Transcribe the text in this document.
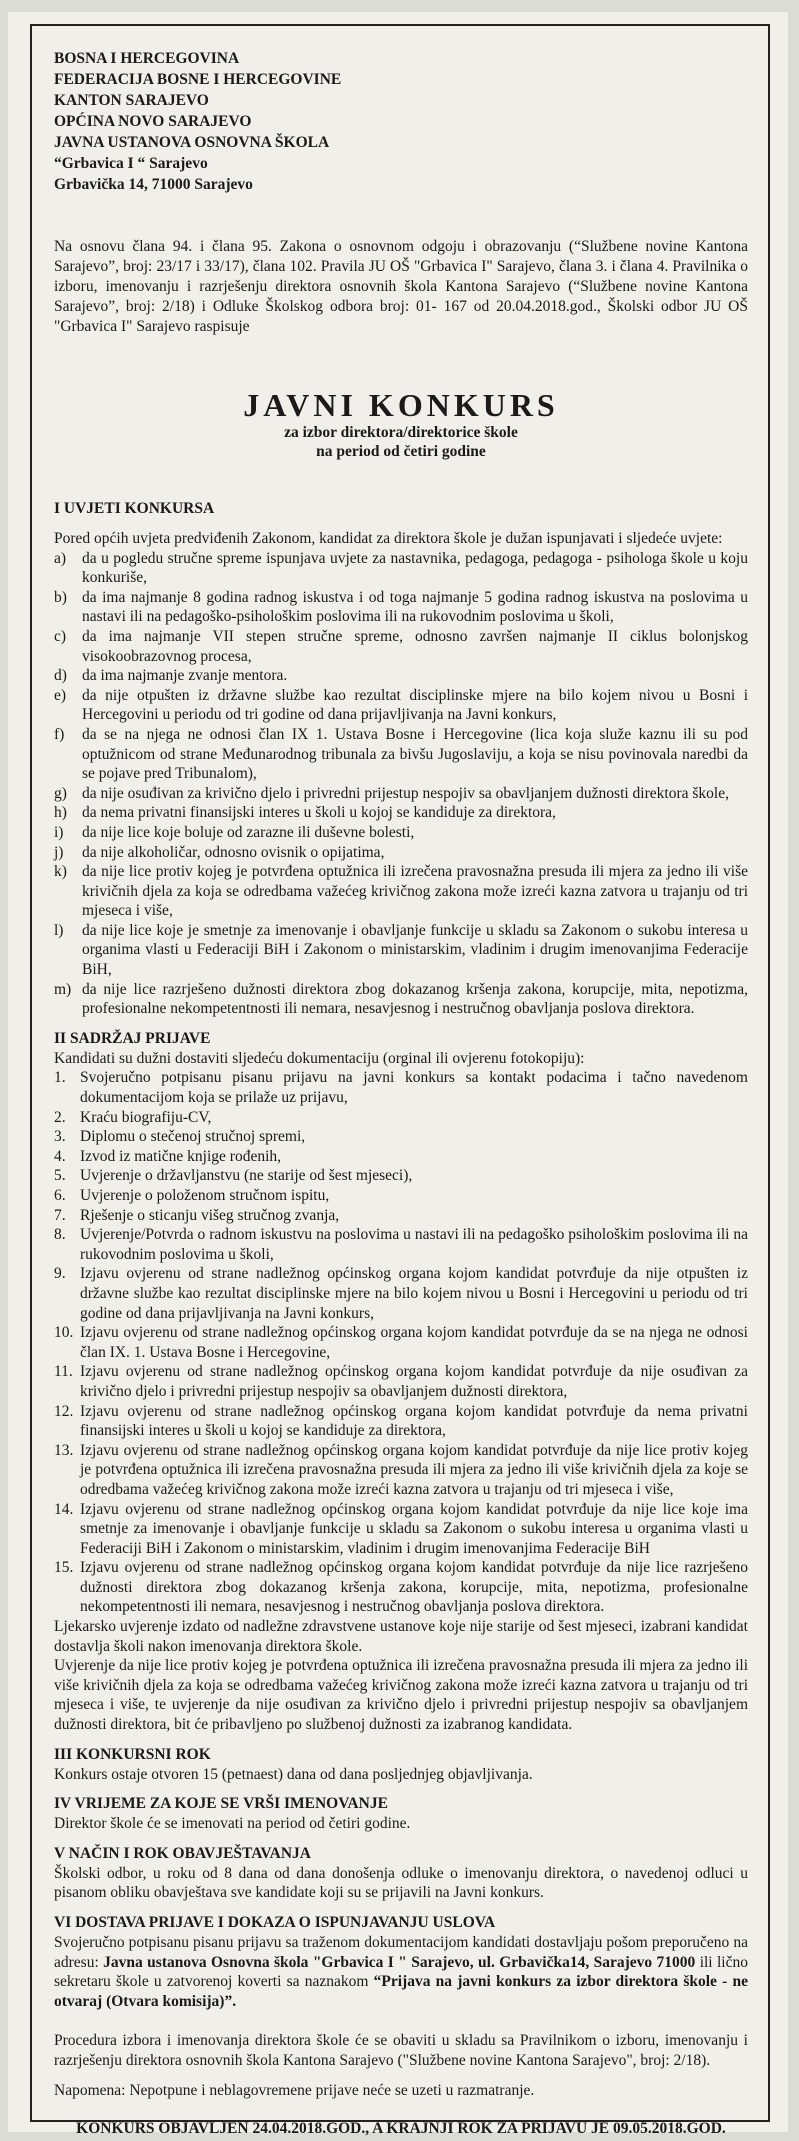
BOSNA I HERCEGOVINA

FEDERACIJA BOSNE I HERCEGOVINE

KANTON SARAJEVO

OPĆINA NOVO SARAJEVO

JAVNA USTANOVA OSNOVNA ŠKOLA

“Grbavica I “ Sarajevo

Grbavička 14, 71000 Sarajevo

Na osnovu člana 94. i člana 95. Zakona o osnovnom odgoju i obrazovanju (“Službene novine Kantona Sarajevo”, broj: 23/17 i 33/17), člana 102. Pravila JU OŠ "Grbavica I" Sarajevo, člana 3. i člana 4. Pravilnika o izboru, imenovanju i razrješenju direktora osnovnih škola Kantona Sarajevo (“Službene novine Kantona Sarajevo”, broj: 2/18) i Odluke Školskog odbora broj: 01- 167 od 20.04.2018.god., Školski odbor JU OŠ "Grbavica I" Sarajevo raspisuje

JAVNI KONKURS
za izbor direktora/direktorice škole
na period od četiri godine
I UVJETI KONKURSA

Pored općih uvjeta predviđenih Zakonom, kandidat za direktora škole je dužan ispunjavati i sljedeće uvjete:

a)	da u pogledu stručne spreme ispunjava uvjete za nastavnika, pedagoga, pedagoga - psihologa škole u koju konkuriše,
b) da ima najmanje 8 godina radnog iskustva i od toga najmanje 5 godina radnog iskustva na poslovima u nastavi ili na pedagoško-psihološkim poslovima ili na rukovodnim poslovima u školi,
c)	da ima najmanje VII stepen stručne spreme, odnosno završen najmanje II ciklus bolonjskog visokoobrazovnog procesa,
d) da ima najmanje zvanje mentora.
e)	da nije otpušten iz državne službe kao rezultat disciplinske mjere na bilo kojem nivou u Bosni i Hercegovini u periodu od tri godine od dana prijavljivanja na Javni konkurs,
f)	da se na njega ne odnosi član IX 1. Ustava Bosne i Hercegovine (lica koja služe kaznu ili su pod optužnicom od strane Međunarodnog tribunala za bivšu Jugoslaviju, a koja se nisu povinovala naredbi da se pojave pred Tribunalom),
g) da nije osuđivan za krivično djelo i privredni prijestup nespojiv sa obavljanjem dužnosti direktora škole,
h) da nema privatni finansijski interes u školi u kojoj se kandiduje za direktora,
i)	da nije lice koje boluje od zarazne ili duševne bolesti,
j)	da nije alkoholičar, odnosno ovisnik o opijatima,
k) da nije lice protiv kojeg je potvrđena optužnica ili izrečena pravosnažna presuda ili mjera za jedno ili više krivičnih djela za koja se odredbama važećeg krivičnog zakona može izreći kazna zatvora u trajanju od tri mjeseca i više,
l)	da nije lice koje je smetnje za imenovanje i obavljanje funkcije u skladu sa Zakonom o sukobu interesa u organima vlasti u Federaciji BiH i Zakonom o ministarskim, vladinim i drugim imenovanjima Federacije BiH,
m) da nije lice razrješeno dužnosti direktora zbog dokazanog kršenja zakona, korupcije, mita, nepotizma, profesionalne nekompetentnosti ili nemara, nesavjesnog i nestručnog obavljanja poslova direktora.
II SADRŽAJ PRIJAVE

Kandidati su dužni dostaviti sljedeću dokumentaciju (orginal ili ovjerenu fotokopiju):

1. Svojeručno potpisanu pisanu prijavu na javni konkurs sa kontakt podacima i tačno navedenom dokumentacijom koja se prilaže uz prijavu,
2. Kraću biografiju-CV,
3. Diplomu o stečenoj stručnoj spremi,
4. Izvod iz matične knjige rođenih,
5. Uvjerenje o državljanstvu (ne starije od šest mjeseci),
6. Uvjerenje o položenom stručnom ispitu,
7. Rješenje o sticanju višeg stručnog zvanja,
8. Uvjerenje/Potvrda o radnom iskustvu na poslovima u nastavi ili na pedagoško psihološkim poslovima ili na rukovodnim poslovima u školi,
9. Izjavu ovjerenu od strane nadležnog općinskog organa kojom kandidat potvrđuje da nije otpušten iz državne službe kao rezultat disciplinske mjere na bilo kojem nivou u Bosni i Hercegovini u periodu od tri godine od dana prijavljivanja na Javni konkurs,
10. Izjavu ovjerenu od strane nadležnog općinskog organa kojom kandidat potvrđuje da se na njega ne odnosi član IX. 1. Ustava Bosne i Hercegovine,
11. Izjavu ovjerenu od strane nadležnog općinskog organa kojom kandidat potvrđuje da nije osuđivan za krivično djelo i privredni prijestup nespojiv sa obavljanjem dužnosti direktora,
12. Izjavu ovjerenu od strane nadležnog općinskog organa kojom kandidat potvrđuje da nema privatni finansijski interes u školi u kojoj se kandiduje za direktora,
13. Izjavu ovjerenu od strane nadležnog općinskog organa kojom kandidat potvrđuje da nije lice protiv kojeg je potvrđena optužnica ili izrečena pravosnažna presuda ili mjera za jedno ili više krivičnih djela za koje se odredbama važećeg krivičnog zakona može izreći kazna zatvora u trajanju od tri mjeseca i više,
14. Izjavu ovjerenu od strane nadležnog općinskog organa kojom kandidat potvrđuje da nije lice koje ima smetnje za imenovanje i obavljanje funkcije u skladu sa Zakonom o sukobu interesa u organima vlasti u Federaciji BiH i Zakonom o ministarskim, vladinim i drugim imenovanjima Federacije BiH
15. Izjavu ovjerenu od strane nadležnog općinskog organa kojom kandidat potvrđuje da nije lice razrješeno dužnosti direktora zbog dokazanog kršenja zakona, korupcije, mita, nepotizma, profesionalne nekompetentnosti ili nemara, nesavjesnog i nestručnog obavljanja poslova direktora.

Ljekarsko uvjerenje izdato od nadležne zdravstvene ustanove koje nije starije od šest mjeseci, izabrani kandidat dostavlja školi nakon imenovanja direktora škole.

Uvjerenje da nije lice protiv kojeg je potvrđena optužnica ili izrečena pravosnažna presuda ili mjera za jedno ili više krivičnih djela za koja se odredbama važećeg krivičnog zakona može izreći kazna zatvora u trajanju od tri mjeseca i više, te uvjerenje da nije osuđivan za krivično djelo i privredni prijestup nespojiv sa obavljanjem dužnosti direktora, bit će pribavljeno po službenoj dužnosti za izabranog kandidata.

III KONKURSNI ROK

Konkurs ostaje otvoren 15 (petnaest) dana od dana posljednjeg objavljivanja.

IV VRIJEME ZA KOJE SE VRŠI IMENOVANJE

Direktor škole će se imenovati na period od četiri godine.

V NAČIN I ROK OBAVJEŠTAVANJA

Školski odbor, u roku od 8 dana od dana donošenja odluke o imenovanju direktora, o navedenoj odluci u pisanom obliku obavještava sve kandidate koji su se prijavili na Javni konkurs.

VI DOSTAVA PRIJAVE I DOKAZA O ISPUNJAVANJU USLOVA

Svojeručno potpisanu pisanu prijavu sa traženom dokumentacijom kandidati dostavljaju pošom preporučeno na adresu: Javna ustanova Osnovna škola "Grbavica I " Sarajevo, ul. Grbavička14, Sarajevo 71000 ili lično sekretaru škole u zatvorenoj koverti sa naznakom “Prijava na javni konkurs za izbor direktora škole - ne otvaraj (Otvara komisija)”.

Procedura izbora i imenovanja direktora škole će se obaviti u skladu sa Pravilnikom o izboru, imenovanju i razrješenju direktora osnovnih škola Kantona Sarajevo ("Službene novine Kantona Sarajevo", broj: 2/18).

Napomena: Nepotpune i neblagovremene prijave neće se uzeti u razmatranje.

KONKURS OBJAVLJEN 24.04.2018.GOD., A KRAJNJI ROK ZA PRIJAVU JE 09.05.2018.GOD.
